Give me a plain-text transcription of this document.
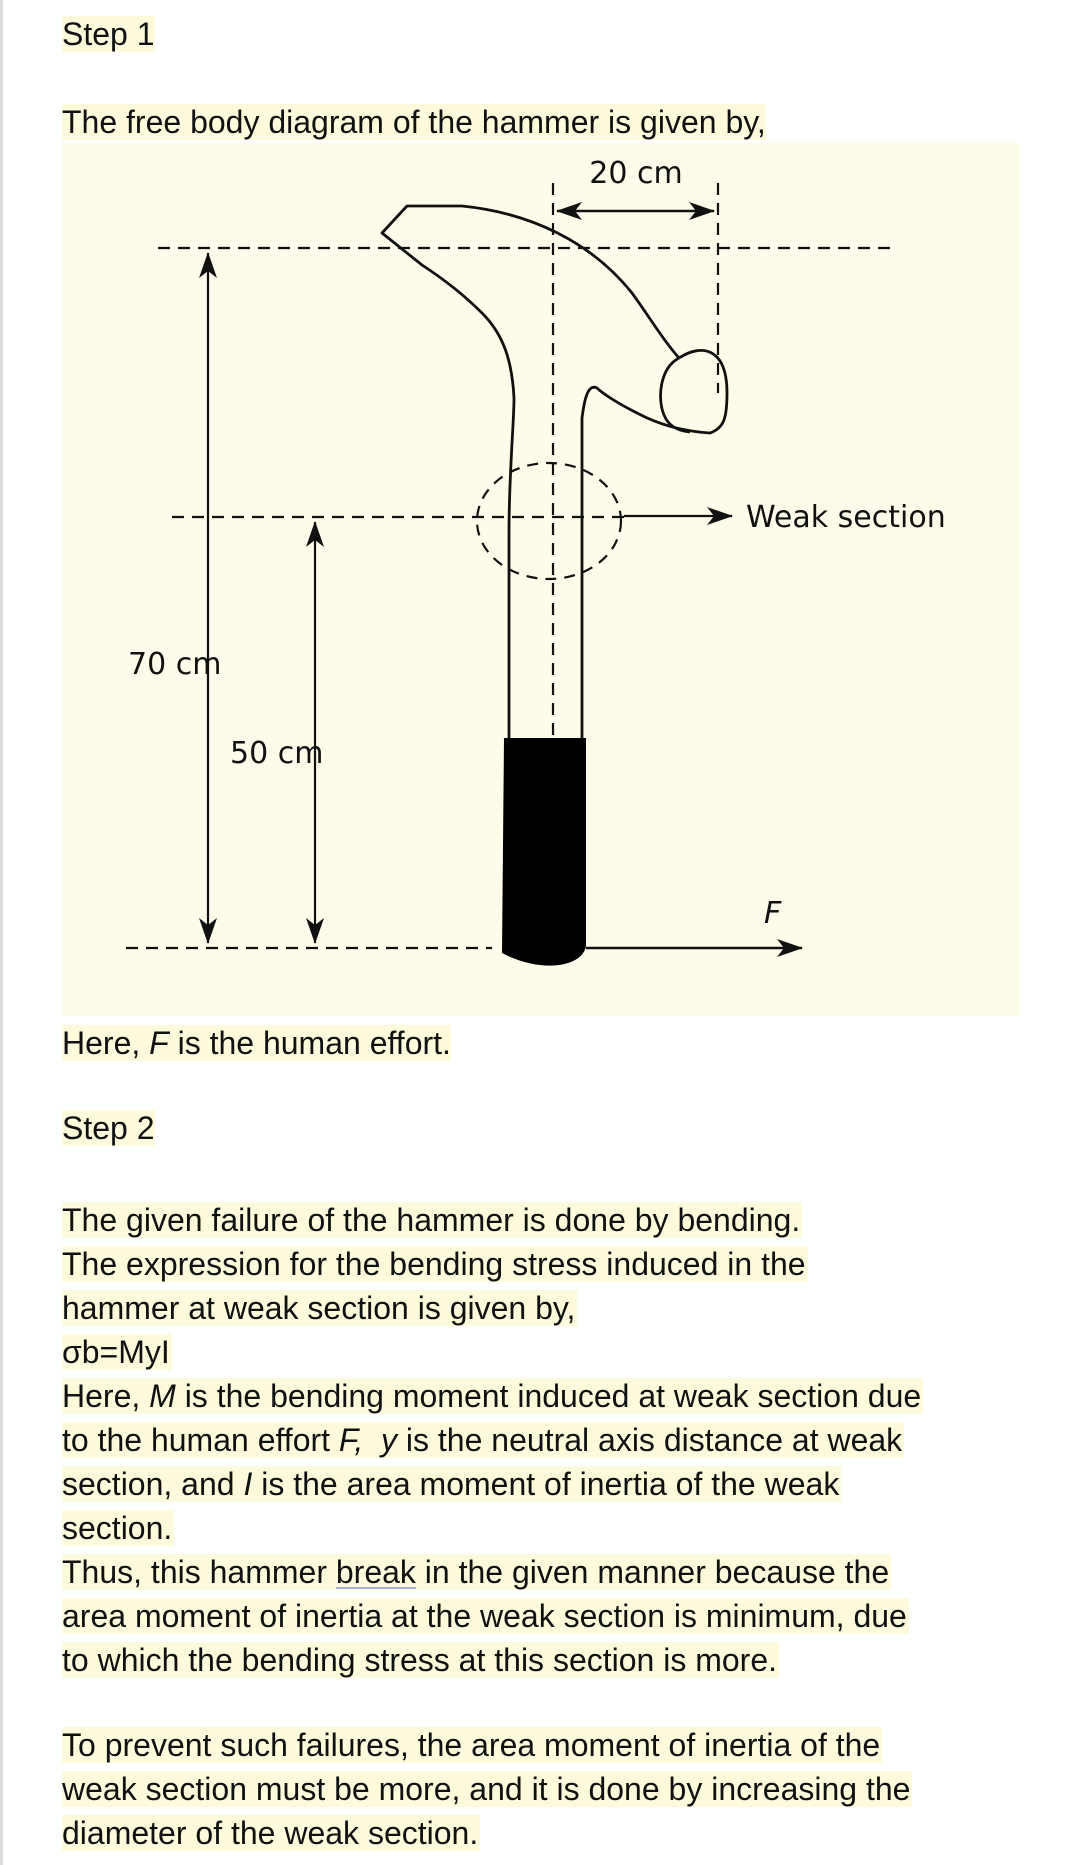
Step 1
The free body diagram of the hammer is given by,
20 cm
70 cm
50 cm
Weak section
F
Here, F is the human effort.
Step 2
The given failure of the hammer is done by bending.
The expression for the bending stress induced in the
hammer at weak section is given by,
σb=MyI
Here, M is the bending moment induced at weak section due
to the human effort F, y is the neutral axis distance at weak
section, and I is the area moment of inertia of the weak
section.
Thus, this hammer break in the given manner because the
area moment of inertia at the weak section is minimum, due
to which the bending stress at this section is more.
To prevent such failures, the area moment of inertia of the
weak section must be more, and it is done by increasing the
diameter of the weak section.
